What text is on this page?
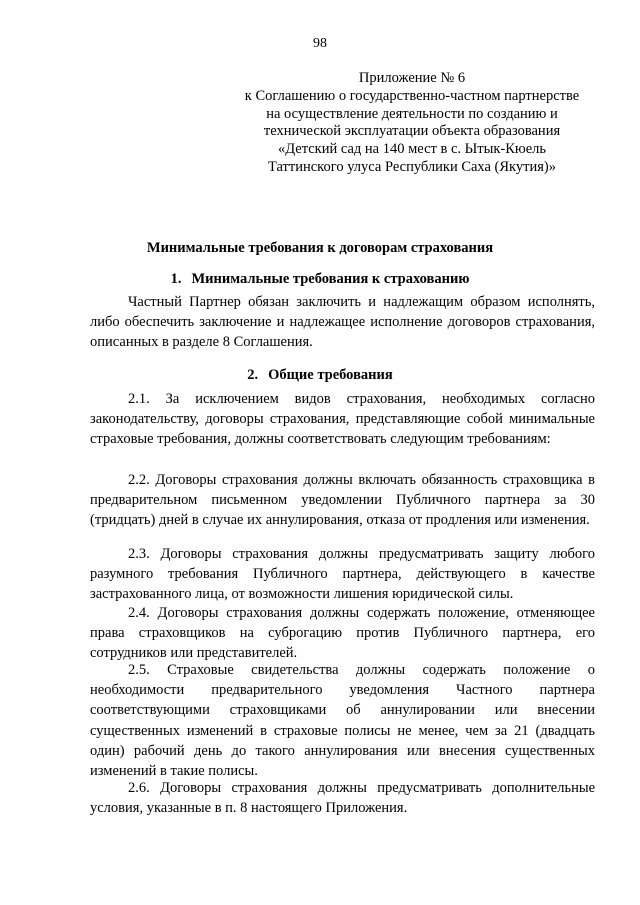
98
Приложение № 6
к Соглашению о государственно-частном партнерстве
на осуществление деятельности по созданию и
технической эксплуатации объекта образования
«Детский сад на 140 мест в с. Ытык-Кюель
Таттинского улуса Республики Саха (Якутия)»
Минимальные требования к договорам страхования
1. Минимальные требования к страхованию
Частный Партнер обязан заключить и надлежащим образом исполнять, либо обеспечить заключение и надлежащее исполнение договоров страхования, описанных в разделе 8 Соглашения.
2. Общие требования
2.1. За исключением видов страхования, необходимых согласно законодательству, договоры страхования, представляющие собой минимальные страховые требования, должны соответствовать следующим требованиям:
2.2. Договоры страхования должны включать обязанность страховщика в предварительном письменном уведомлении Публичного партнера за 30 (тридцать) дней в случае их аннулирования, отказа от продления или изменения.
2.3. Договоры страхования должны предусматривать защиту любого разумного требования Публичного партнера, действующего в качестве застрахованного лица, от возможности лишения юридической силы.
2.4. Договоры страхования должны содержать положение, отменяющее права страховщиков на суброгацию против Публичного партнера, его сотрудников или представителей.
2.5. Страховые свидетельства должны содержать положение о необходимости предварительного уведомления Частного партнера соответствующими страховщиками об аннулировании или внесении существенных изменений в страховые полисы не менее, чем за 21 (двадцать один) рабочий день до такого аннулирования или внесения существенных изменений в такие полисы.
2.6. Договоры страхования должны предусматривать дополнительные условия, указанные в п. 8 настоящего Приложения.
